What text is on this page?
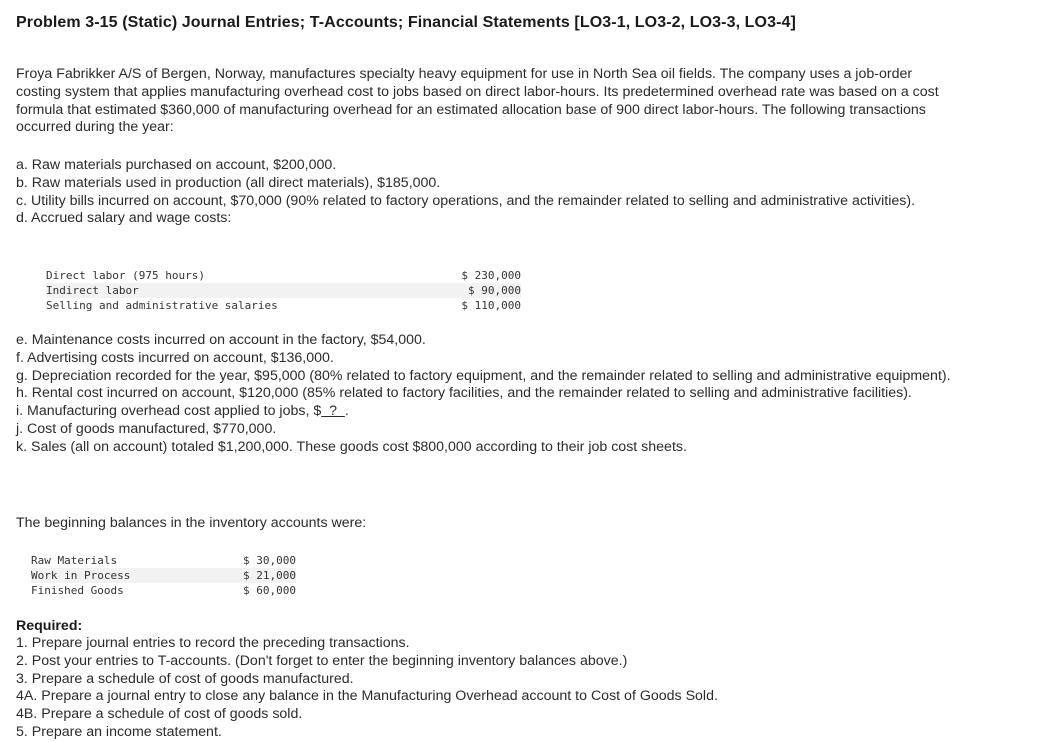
Problem 3-15 (Static) Journal Entries; T-Accounts; Financial Statements [LO3-1, LO3-2, LO3-3, LO3-4]

Froya Fabrikker A/S of Bergen, Norway, manufactures specialty heavy equipment for use in North Sea oil fields. The company uses a job-order costing system that applies manufacturing overhead cost to jobs based on direct labor-hours. Its predetermined overhead rate was based on a cost formula that estimated $360,000 of manufacturing overhead for an estimated allocation base of 900 direct labor-hours. The following transactions occurred during the year:

a. Raw materials purchased on account, $200,000.
b. Raw materials used in production (all direct materials), $185,000.
c. Utility bills incurred on account, $70,000 (90% related to factory operations, and the remainder related to selling and administrative activities).
d. Accrued salary and wage costs:
Direct labor (975 hours)	$ 230,000
Indirect labor	$ 90,000
Selling and administrative salaries	$ 110,000
e. Maintenance costs incurred on account in the factory, $54,000.
f. Advertising costs incurred on account, $136,000.
g. Depreciation recorded for the year, $95,000 (80% related to factory equipment, and the remainder related to selling and administrative equipment).
h. Rental cost incurred on account, $120,000 (85% related to factory facilities, and the remainder related to selling and administrative facilities).
i. Manufacturing overhead cost applied to jobs, $  ?  .
j. Cost of goods manufactured, $770,000.
k. Sales (all on account) totaled $1,200,000. These goods cost $800,000 according to their job cost sheets.

The beginning balances in the inventory accounts were:

Raw Materials	$ 30,000
Work in Process	$ 21,000
Finished Goods	$ 60,000

Required:

1. Prepare journal entries to record the preceding transactions.
2. Post your entries to T-accounts. (Don't forget to enter the beginning inventory balances above.)
3. Prepare a schedule of cost of goods manufactured.
4A. Prepare a journal entry to close any balance in the Manufacturing Overhead account to Cost of Goods Sold.
4B. Prepare a schedule of cost of goods sold.
5. Prepare an income statement.
